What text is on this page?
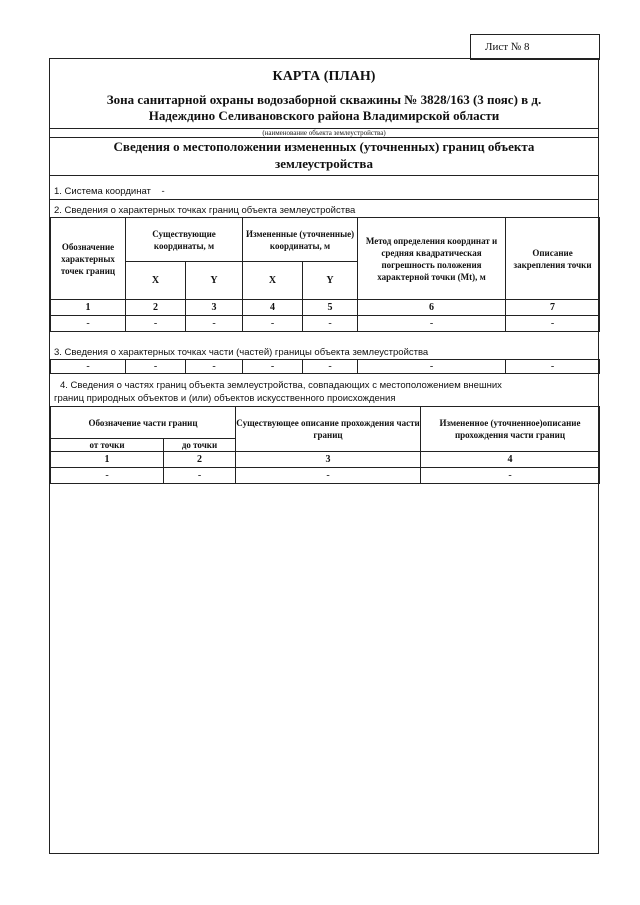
Лист № 8
КАРТА (ПЛАН)
Зона санитарной охраны водозаборной скважины № 3828/163 (3 пояс) в д.
Надеждино Селивановского района Владимирской области
(наименование объекта землеустройства)
Сведения о местоположении измененных (уточненных) границ объекта
землеустройства
1. Система координат -
2. Сведения о характерных точках границ объекта землеустройства
Обозначение характерных точек границ	Существующие координаты, м		Измененные (уточненные) координаты, м		Метод определения координат и средняя квадратическая погрешность положения характерной точки (Mt), м	Описание закрепления точки
	X	Y	X	Y		
1	2	3	4	5	6	7
-	-	-	-	-	-	-
3. Сведения о характерных точках части (частей) границы объекта землеустройства
-	-	-	-	-	-	-
4. Сведения о частях границ объекта землеустройства, совпадающих с местоположением внешних
границ природных объектов и (или) объектов искусственного происхождения
Обозначение части границ		Существующее описание прохождения части границ	Измененное (уточненное)описание прохождения части границ
от точки	до точки		
1	2	3	4
-	-	-	-
